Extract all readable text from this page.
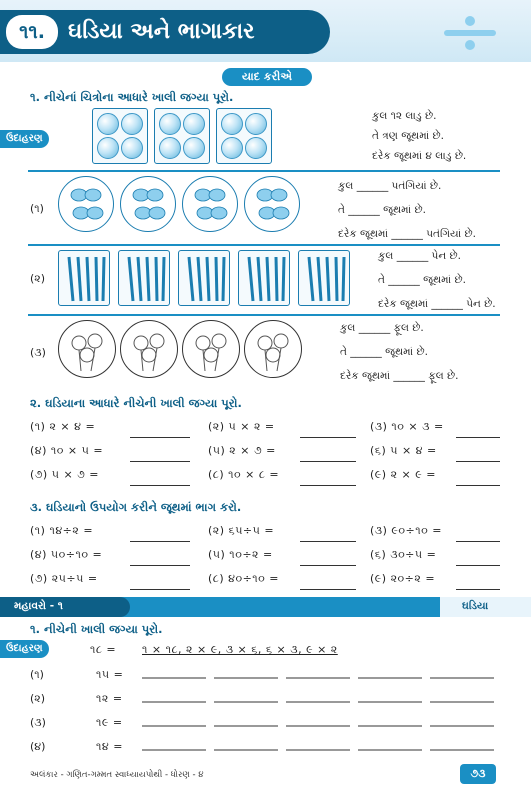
૧૧.	ઘડિયા અને ભાગાકાર
યાદ કરીએ
૧. નીચેનાં ચિત્રોના આધારે ખાલી જગ્યા પૂરો.
ઉદાહરણ
કુલ ૧૨ લાડુ છે.
તે ત્રણ જૂથમાં છે.
દરેક જૂથમાં ૪ લાડુ છે.
(૧)
કુલ ______ પતંગિયાં છે.
તે ______ જૂથમાં છે.
દરેક જૂથમાં ______ પતંગિયાં છે.
(૨)
કુલ ______ પેન છે.
તે ______ જૂથમાં છે.
દરેક જૂથમાં ______ પેન છે.
(૩)
કુલ ______ ફૂલ છે.
તે ______ જૂથમાં છે.
દરેક જૂથમાં ______ ફૂલ છે.
૨. ઘડિયાના આધારે નીચેની ખાલી જગ્યા પૂરો.
(૧) ૨ × ૪ =	(૨) ૫ × ૨ =	(૩) ૧૦ × ૩ =
(૪) ૧૦ × ૫ =	(૫) ૨ × ૭ =	(૬) ૫ × ૪ =
(૭) ૫ × ૭ =	(૮) ૧૦ × ૮ =	(૯) ૨ × ૯ =
૩. ઘડિયાનો ઉપયોગ કરીને જૂથમાં ભાગ કરો.
(૧) ૧૪÷૨ =	(૨) ૬૫÷૫ =	(૩) ૯૦÷૧૦ =
(૪) ૫૦÷૧૦ =	(૫) ૧૦÷૨ =	(૬) ૩૦÷૫ =
(૭) ૨૫÷૫ =	(૮) ૪૦÷૧૦ =	(૯) ૨૦÷૨ =
મહાવરો - ૧	ઘડિયા
૧. નીચેની ખાલી જગ્યા પૂરો.
ઉદાહરણ	૧૮ = ૧ × ૧૮, ૨ × ૯, ૩ × ૬, ૬ × ૩, ૯ × ૨
(૧)	૧૫ =
(૨)	૧૨ =
(૩)	૧૯ =
(૪)	૧૪ =
અલંકાર - ગણિત-ગમ્મત સ્વાધ્યાયપોથી - ધોરણ - ૪	૭૩
